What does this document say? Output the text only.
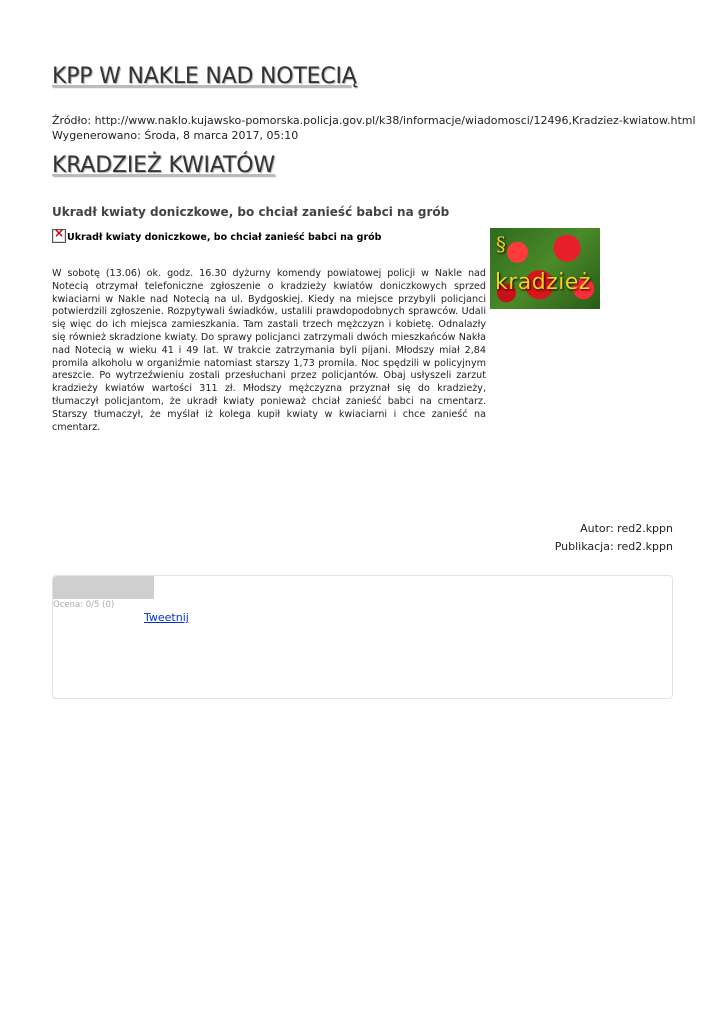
KPP W NAKLE NAD NOTECIĄ
Źródło: http://www.naklo.kujawsko-pomorska.policja.gov.pl/k38/informacje/wiadomosci/12496,Kradziez-kwiatow.html
Wygenerowano: Środa, 8 marca 2017, 05:10
KRADZIEŻ KWIATÓW
Ukradł kwiaty doniczkowe, bo chciał zanieść babci na grób
×
Ukradł kwiaty doniczkowe, bo chciał zanieść babci na grób	§
kradzież

W sobotę (13.06) ok. godz. 16.30 dyżurny komendy powiatowej policji w Nakle nad Notecią otrzymał telefoniczne zgłoszenie o kradzieży kwiatów doniczkowych sprzed kwiaciarni w Nakle nad Notecią na ul. Bydgoskiej. Kiedy na miejsce przybyli policjanci potwierdzili zgłoszenie. Rozpytywali świadków, ustalili prawdopodobnych sprawców. Udali się więc do ich miejsca zamieszkania. Tam zastali trzech mężczyzn i kobietę. Odnalazły się również skradzione kwiaty. Do sprawy policjanci zatrzymali dwóch mieszkańców Nakła nad Notecią w wieku 41 i 49 lat. W trakcie zatrzymania byli pijani. Młodszy miał 2,84 promila alkoholu w organiźmie natomiast starszy 1,73 promila. Noc spędzili w policyjnym areszcie. Po wytrzeźwieniu zostali przesłuchani przez policjantów. Obaj usłyszeli zarzut kradzieży kwiatów wartości 311 zł. Młodszy mężczyzna przyznał się do kradzieży, tłumaczył policjantom, że ukradł kwiaty ponieważ chciał zanieść babci na cmentarz. Starszy tłumaczył, że myślał iż kolega kupił kwiaty w kwiaciarni i chce zanieść na cmentarz.

Autor: red2.kppn
Publikacja: red2.kppn
Ocena: 0/5 (0)
Tweetnij
